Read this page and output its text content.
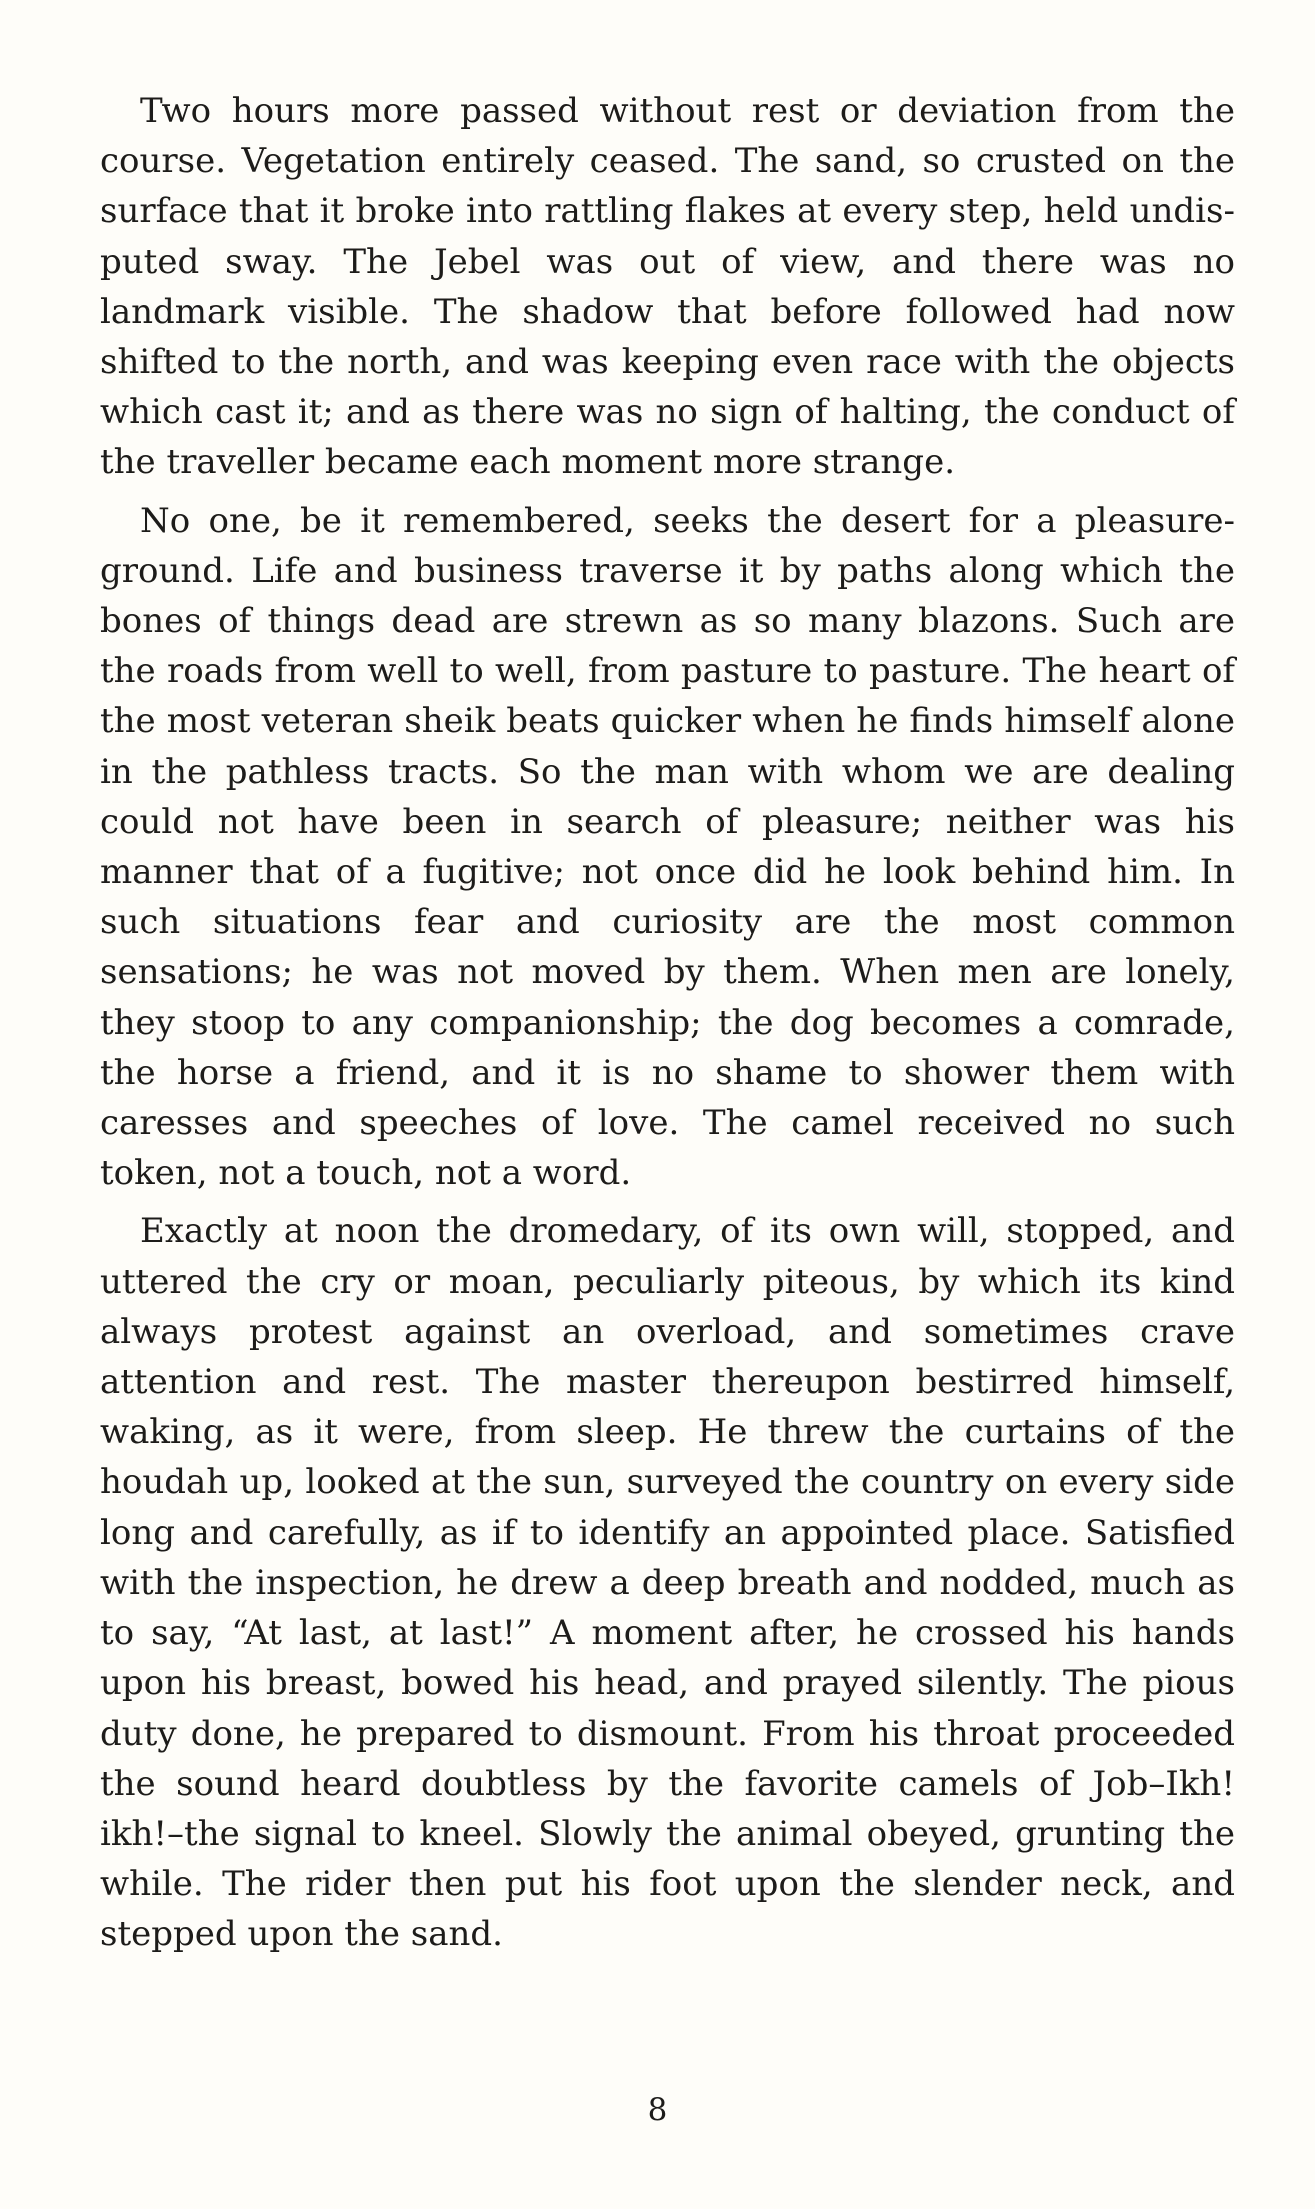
Two hours more passed without rest or deviation from the course. Vegetation entirely ceased. The sand, so crusted on the surface that it broke into rattling flakes at every step, held undisputed sway. The Jebel was out of view, and there was no landmark visible. The shadow that before followed had now shifted to the north, and was keeping even race with the objects which cast it; and as there was no sign of halting, the conduct of the traveller became each moment more strange.

No one, be it remembered, seeks the desert for a pleasure-ground. Life and business traverse it by paths along which the bones of things dead are strewn as so many blazons. Such are the roads from well to well, from pasture to pasture. The heart of the most veteran sheik beats quicker when he finds himself alone in the pathless tracts. So the man with whom we are dealing could not have been in search of pleasure; neither was his manner that of a fugitive; not once did he look behind him. In such situations fear and curiosity are the most common sensations; he was not moved by them. When men are lonely, they stoop to any companionship; the dog becomes a comrade, the horse a friend, and it is no shame to shower them with caresses and speeches of love. The camel received no such token, not a touch, not a word.

Exactly at noon the dromedary, of its own will, stopped, and uttered the cry or moan, peculiarly piteous, by which its kind always protest against an overload, and sometimes crave attention and rest. The master thereupon bestirred himself, waking, as it were, from sleep. He threw the curtains of the houdah up, looked at the sun, surveyed the country on every side long and carefully, as if to identify an appointed place. Satisfied with the inspection, he drew a deep breath and nodded, much as to say, “At last, at last!” A moment after, he crossed his hands upon his breast, bowed his head, and prayed silently. The pious duty done, he prepared to dismount. From his throat proceeded the sound heard doubtless by the favorite camels of Job–Ikh! ikh!–the signal to kneel. Slowly the animal obeyed, grunting the while. The rider then put his foot upon the slender neck, and stepped upon the sand.

8
